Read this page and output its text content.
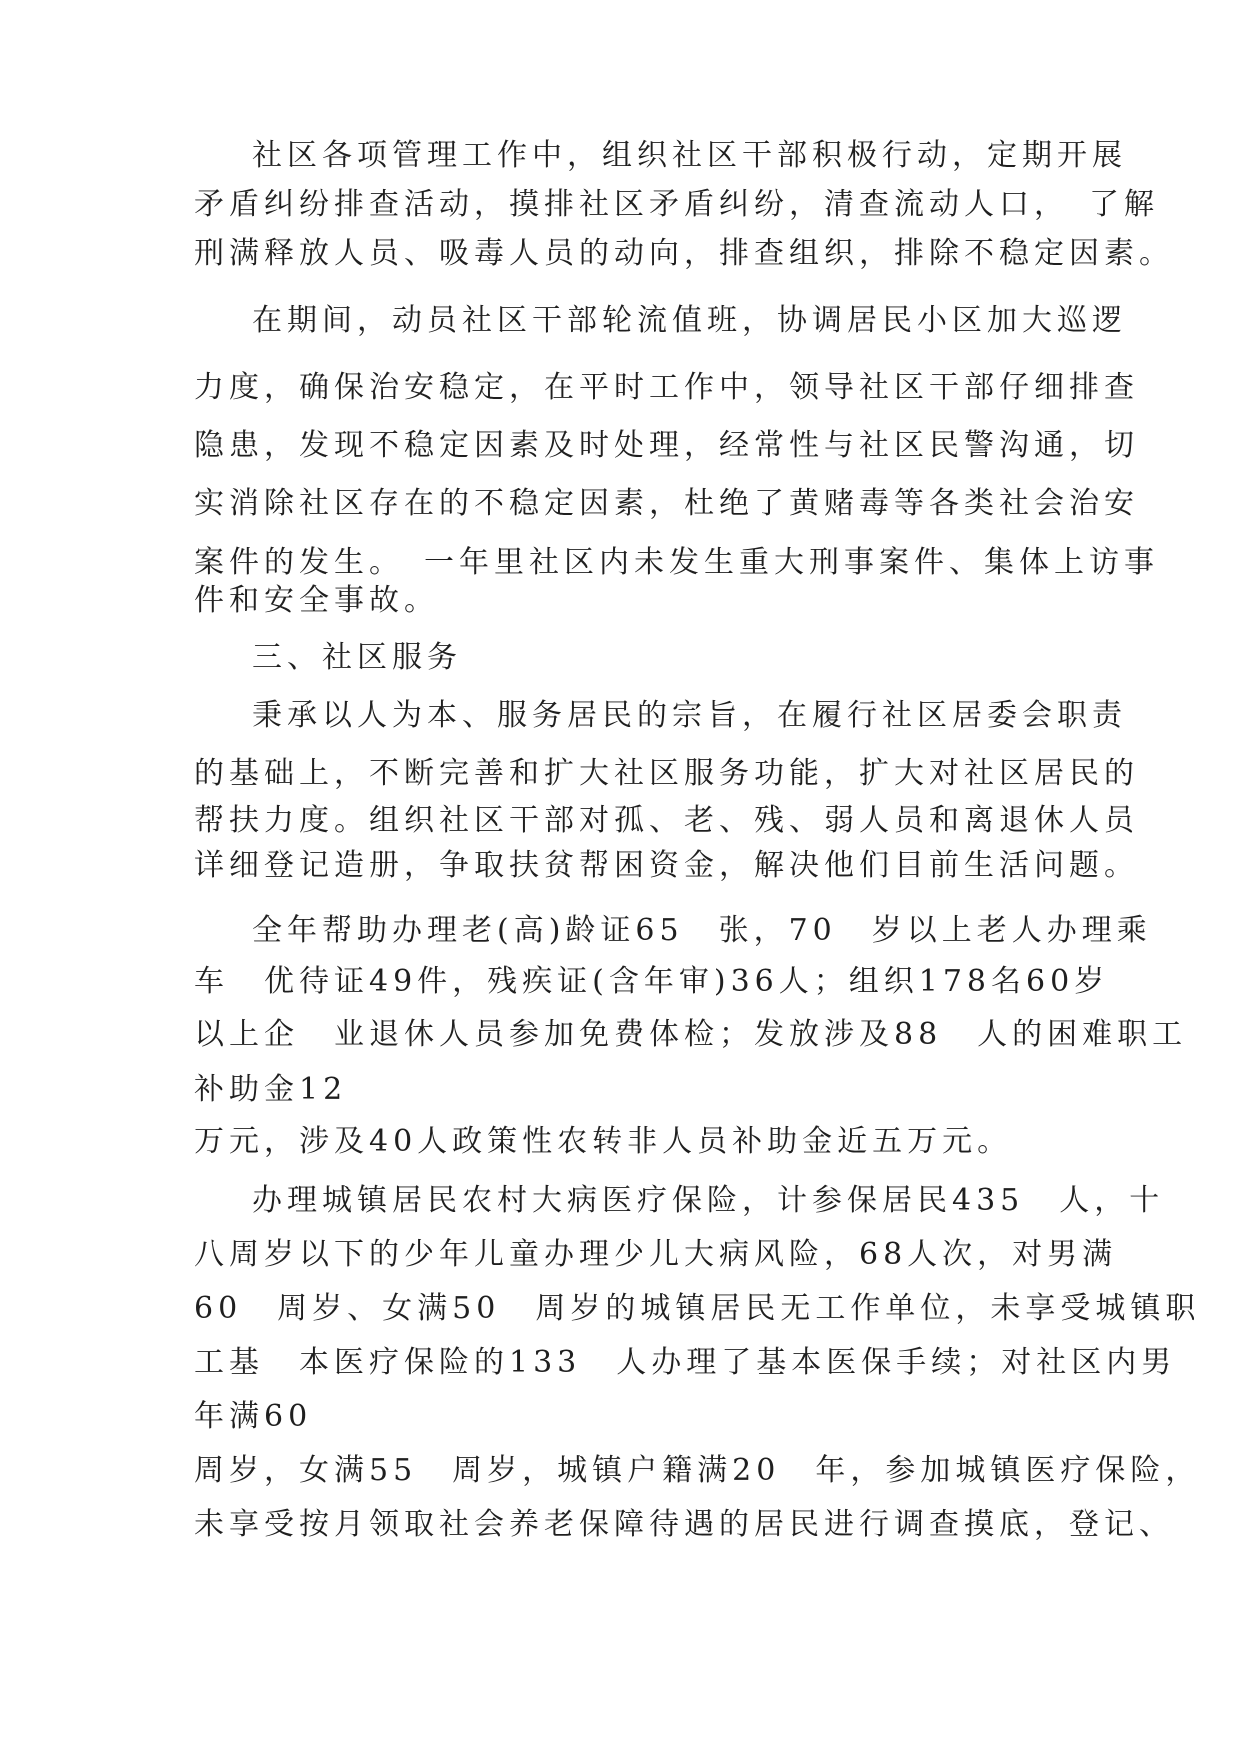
社区各项管理工作中，组织社区干部积极行动，定期开展
矛盾纠纷排查活动，摸排社区矛盾纠纷，清查流动人口，　了解
刑满释放人员、吸毒人员的动向，排查组织，排除不稳定因素。
在期间，动员社区干部轮流值班，协调居民小区加大巡逻
力度，确保治安稳定，在平时工作中，领导社区干部仔细排查
隐患，发现不稳定因素及时处理，经常性与社区民警沟通，切
实消除社区存在的不稳定因素，杜绝了黄赌毒等各类社会治安
案件的发生。　一年里社区内未发生重大刑事案件、集体上访事
件和安全事故。
三、社区服务
秉承以人为本、服务居民的宗旨，在履行社区居委会职责
的基础上，不断完善和扩大社区服务功能，扩大对社区居民的
帮扶力度。组织社区干部对孤、老、残、弱人员和离退休人员
详细登记造册，争取扶贫帮困资金，解决他们目前生活问题。
全年帮助办理老(高)龄证65　张，70　岁以上老人办理乘
车　优待证49件，残疾证(含年审)36人；组织178名60岁
以上企　业退休人员参加免费体检；发放涉及88　人的困难职工
补助金12
万元，涉及40人政策性农转非人员补助金近五万元。
办理城镇居民农村大病医疗保险，计参保居民435　人，十
八周岁以下的少年儿童办理少儿大病风险，68人次，对男满
60　周岁、女满50　周岁的城镇居民无工作单位，未享受城镇职
工基　本医疗保险的133　人办理了基本医保手续；对社区内男
年满60
周岁，女满55　周岁，城镇户籍满20　年，参加城镇医疗保险，
未享受按月领取社会养老保障待遇的居民进行调查摸底，登记、
